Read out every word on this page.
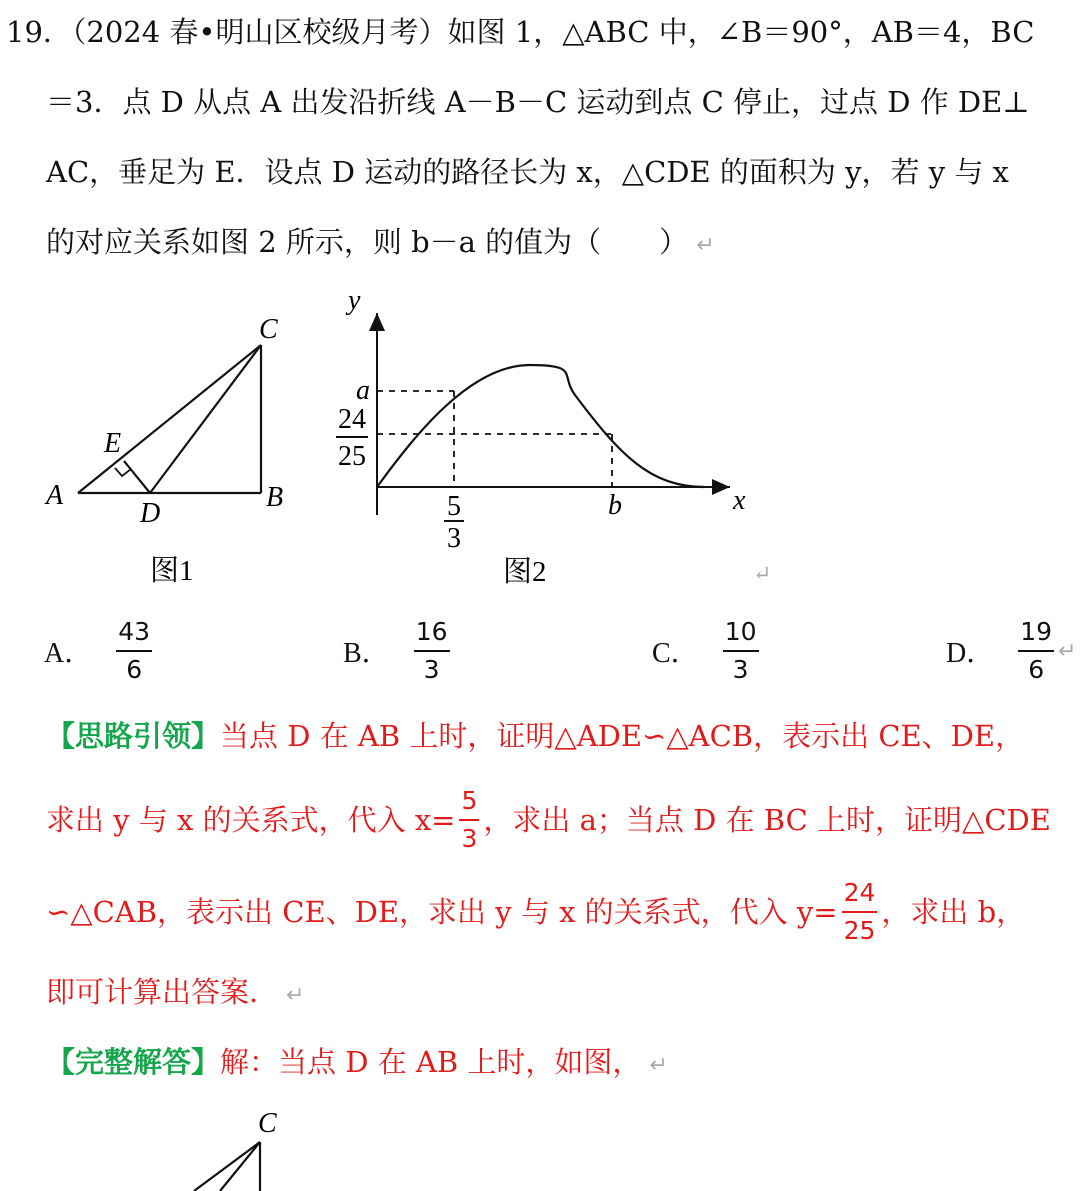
19．（2024 春•明山区校级月考）如图 1，△ABC 中，∠B＝90°，AB＝4，BC
＝3．点 D 从点 A 出发沿折线 A－B－C 运动到点 C 停止，过点 D 作 DE⊥
AC，垂足为 E．设点 D 运动的路径长为 x，△CDE 的面积为 y，若 y 与 x
的对应关系如图 2 所示，则 b－a 的值为（　　） ↵
C
E
A	B
D
图1
y
x
a
24
25
5
3
b
图2	↵
A． $\frac{43}{6}$	B． $\frac{16}{3}$	C． $\frac{10}{3}$	D． $\frac{19}{6}$ ↵
【思路引领】当点 D 在 AB 上时，证明△ADE∽△ACB，表示出 CE、DE，
求出 y 与 x 的关系式，代入 $x= \frac{5}{3}$ ，求出 a；当点 D 在 BC 上时，证明△CDE
∽△CAB，表示出 CE、DE，求出 y 与 x 的关系式，代入 $y= \frac{24}{25}$ ，求出 b，
即可计算出答案． ↵
【完整解答】解：当点 D 在 AB 上时，如图， ↵
C
